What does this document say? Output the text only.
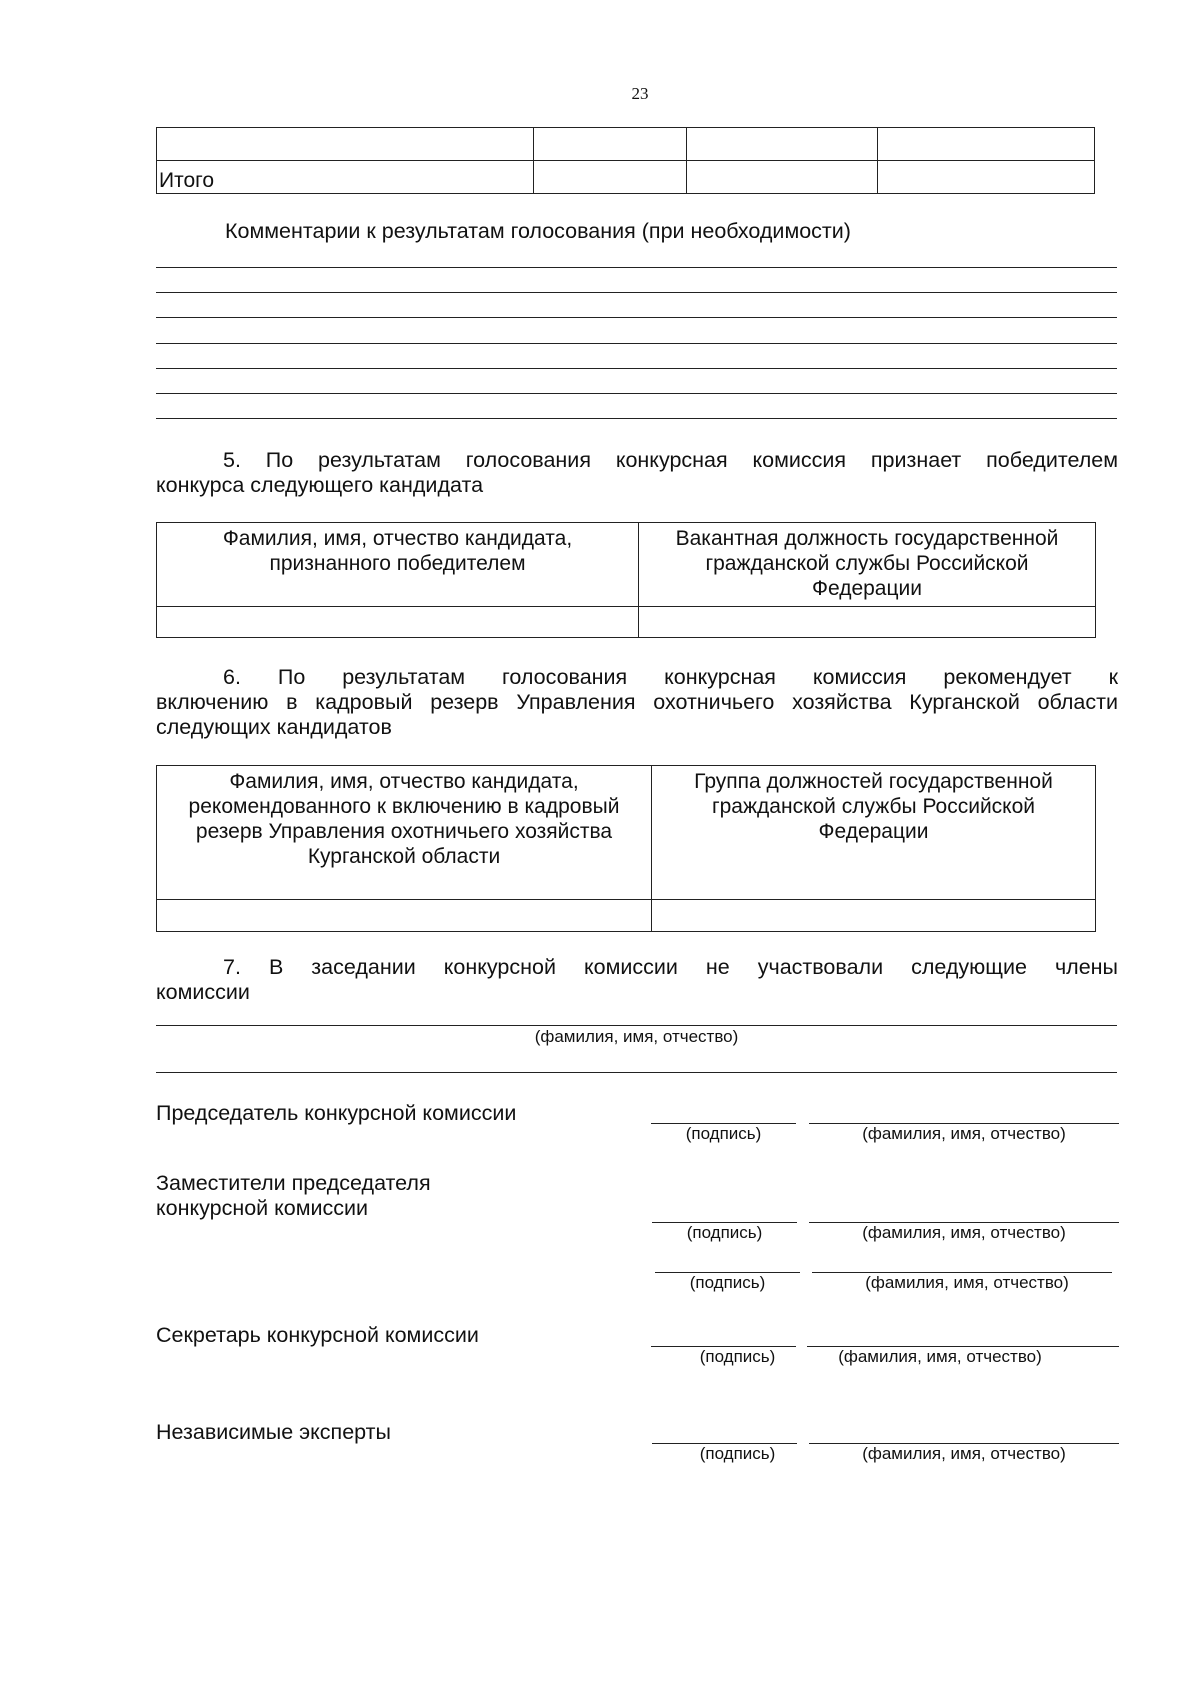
23

Итого			
Комментарии к результатам голосования (при необходимости)
5. По результатам голосования конкурсная комиссия признает победителем
конкурса следующего кандидата
Фамилия, имя, отчество кандидата, признанного победителем	Вакантная должность государственной гражданской службы Российской Федерации

6. По результатам голосования конкурсная комиссия рекомендует к
включению в кадровый резерв Управления охотничьего хозяйства Курганской области
следующих кандидатов
Фамилия, имя, отчество кандидата, рекомендованного к включению в кадровый резерв Управления охотничьего хозяйства Курганской области	Группа должностей государственной гражданской службы Российской Федерации

7. В заседании конкурсной комиссии не участвовали следующие члены
комиссии
(фамилия, имя, отчество)
Председатель конкурсной комиссии
(подпись)	(фамилия, имя, отчество)
Заместители председателя
конкурсной комиссии
(подпись)	(фамилия, имя, отчество)
(подпись)	(фамилия, имя, отчество)
Секретарь конкурсной комиссии
(подпись)	(фамилия, имя, отчество)
Независимые эксперты
(подпись)	(фамилия, имя, отчество)
